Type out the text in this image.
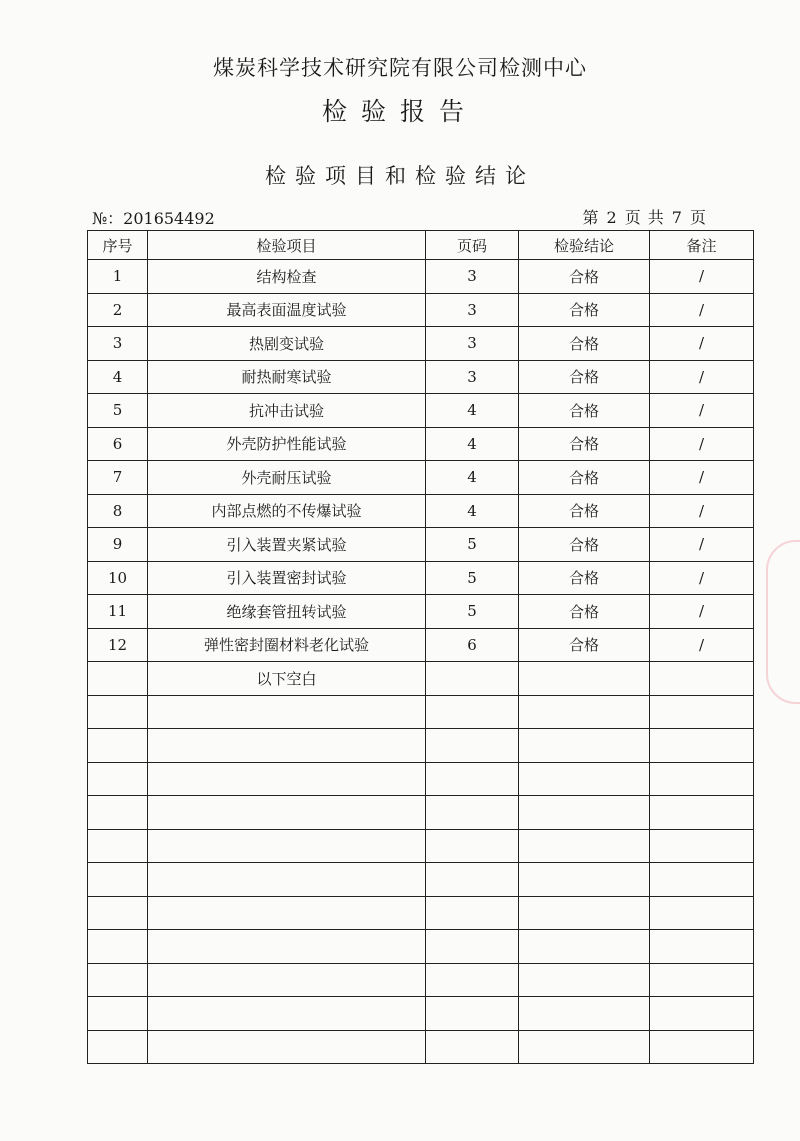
煤炭科学技术研究院有限公司检测中心
检验报告
检验项目和检验结论
№：201654492	第 2 页 共 7 页
序号	检验项目	页码	检验结论	备注
1	结构检查	3	合格	/
2	最高表面温度试验	3	合格	/
3	热剧变试验	3	合格	/
4	耐热耐寒试验	3	合格	/
5	抗冲击试验	4	合格	/
6	外壳防护性能试验	4	合格	/
7	外壳耐压试验	4	合格	/
8	内部点燃的不传爆试验	4	合格	/
9	引入装置夹紧试验	5	合格	/
10	引入装置密封试验	5	合格	/
11	绝缘套管扭转试验	5	合格	/
12	弹性密封圈材料老化试验	6	合格	/
	以下空白			
